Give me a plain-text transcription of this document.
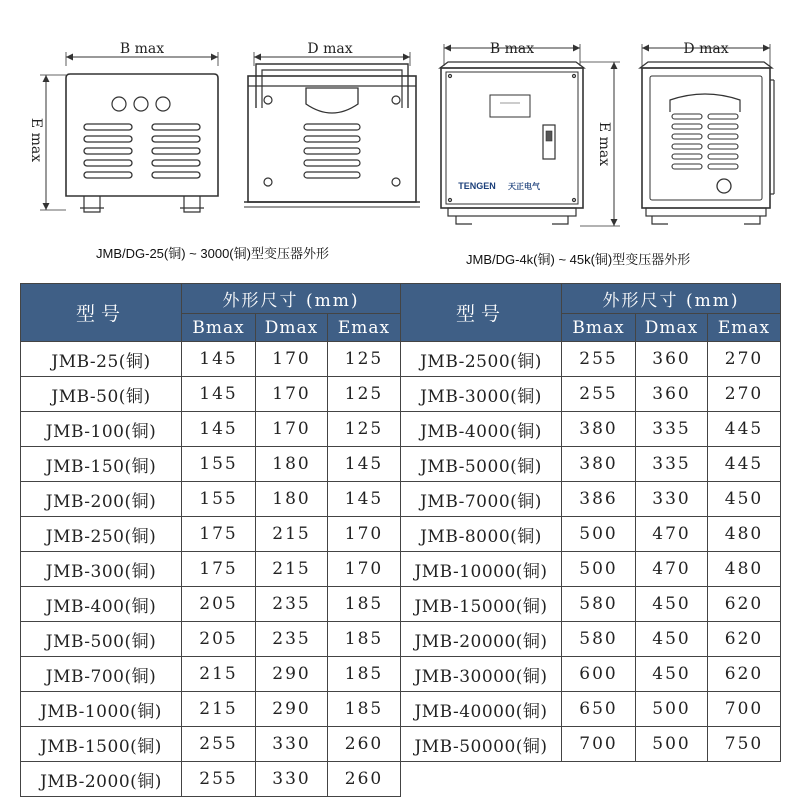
B max
E max
D max	B max
E max
TENGEN 天正电气
D max
JMB/DG-25(铜) ~ 3000(铜)型变压器外形	JMB/DG-4k(铜) ~ 45k(铜)型变压器外形
型号	外形尺寸 (mm)		
	Bmax	Dmax	Emax
JMB-25(铜)	145	170	125
JMB-50(铜)	145	170	125
JMB-100(铜)	145	170	125
JMB-150(铜)	155	180	145
JMB-200(铜)	155	180	145
JMB-250(铜)	175	215	170
JMB-300(铜)	175	215	170
JMB-400(铜)	205	235	185
JMB-500(铜)	205	235	185
JMB-700(铜)	215	290	185
JMB-1000(铜)	215	290	185
JMB-1500(铜)	255	330	260
JMB-2000(铜)	255	330	260
型号	外形尺寸 (mm)		
	Bmax	Dmax	Emax
JMB-2500(铜)	255	360	270
JMB-3000(铜)	255	360	270
JMB-4000(铜)	380	335	445
JMB-5000(铜)	380	335	445
JMB-7000(铜)	386	330	450
JMB-8000(铜)	500	470	480
JMB-10000(铜)	500	470	480
JMB-15000(铜)	580	450	620
JMB-20000(铜)	580	450	620
JMB-30000(铜)	600	450	620
JMB-40000(铜)	650	500	700
JMB-50000(铜)	700	500	750
